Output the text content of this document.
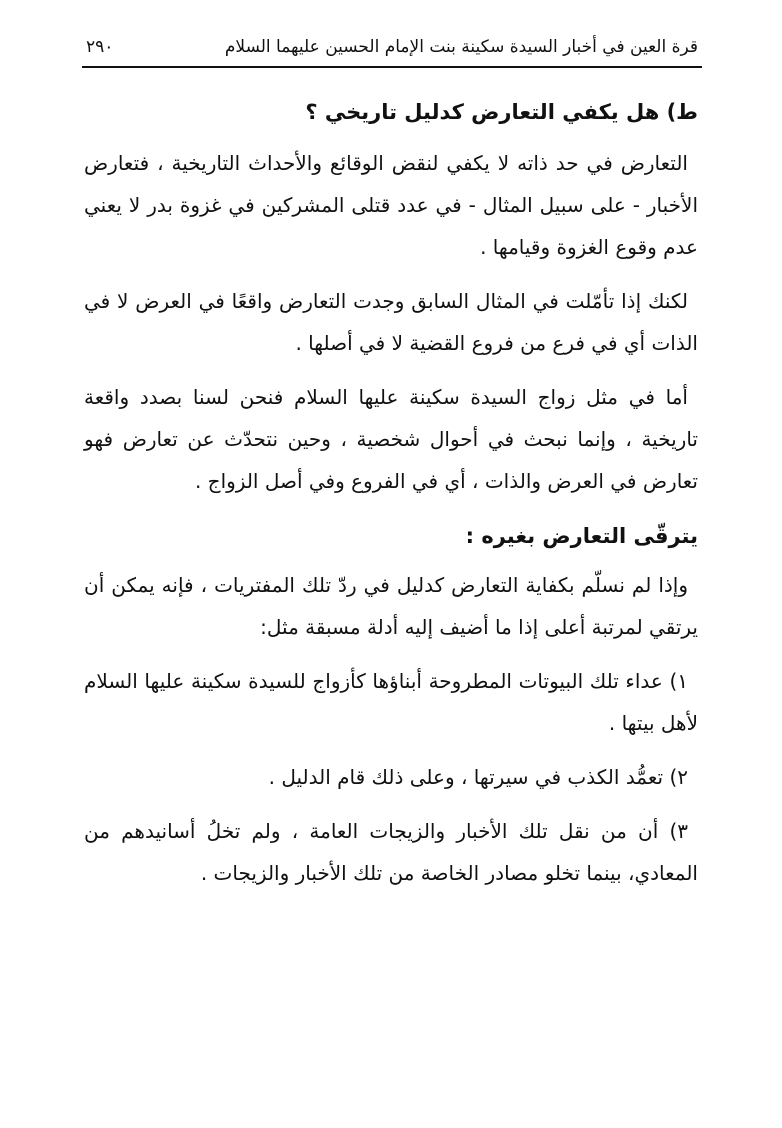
قرة العين في أخبار السيدة سكينة بنت الإمام الحسين عليهما السلام
٢٩٠
ط) هل يكفي التعارض كدليل تاريخي ؟

التعارض في حد ذاته لا يكفي لنقض الوقائع والأحداث التاريخية ، فتعارض الأخبار - على سبيل المثال - في عدد قتلى المشركين في غزوة بدر لا يعني عدم وقوع الغزوة وقيامها .

لكنك إذا تأمّلت في المثال السابق وجدت التعارض واقعًا في العرض لا في الذات أي في فرع من فروع القضية لا في أصلها .

أما في مثل زواج السيدة سكينة عليها السلام فنحن لسنا بصدد واقعة تاريخية ، وإنما نبحث في أحوال شخصية ، وحين نتحدّث عن تعارض فهو تعارض في العرض والذات ، أي في الفروع وفي أصل الزواج .

يترقّى التعارض بغيره :

وإذا لم نسلّم بكفاية التعارض كدليل في ردّ تلك المفتريات ، فإنه يمكن أن يرتقي لمرتبة أعلى إذا ما أضيف إليه أدلة مسبقة مثل:

١) عداء تلك البيوتات المطروحة أبناؤها كأزواج للسيدة سكينة عليها السلام لأهل بيتها .

٢) تعمُّد الكذب في سيرتها ، وعلى ذلك قام الدليل .

٣) أن من نقل تلك الأخبار والزيجات العامة ، ولم تخلُ أسانيدهم من المعادي، بينما تخلو مصادر الخاصة من تلك الأخبار والزيجات .
